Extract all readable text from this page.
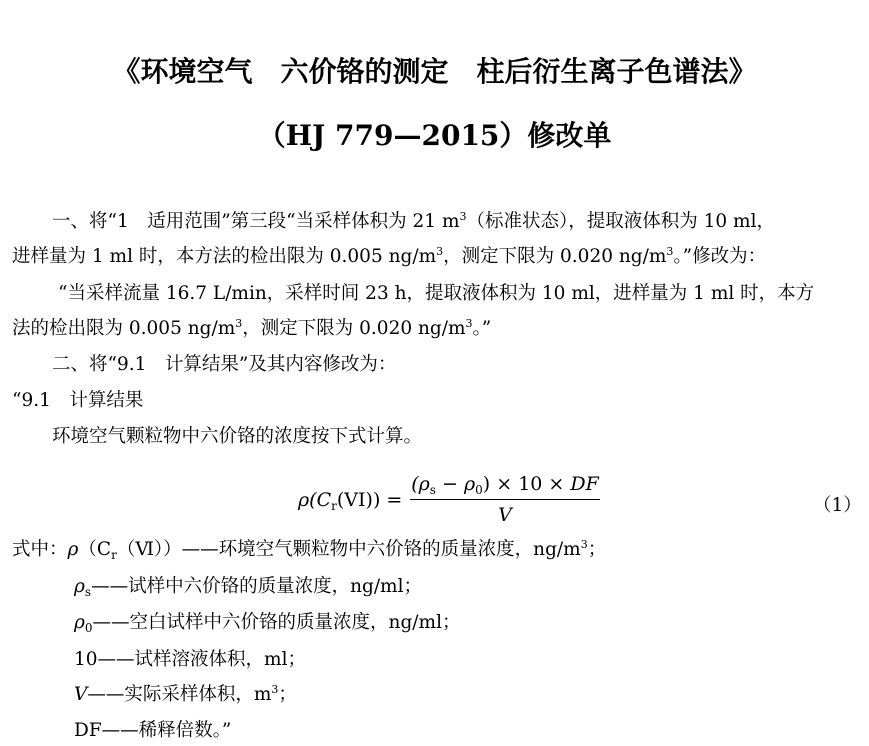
《环境空气　六价铬的测定　柱后衍生离子色谱法》
（HJ 779—2015）修改单
一、将“1　适用范围”第三段“当采样体积为 21 $m^3$（标准状态），提取液体积为 10 ml，
进样量为 1 ml 时，本方法的检出限为 0.005 $ng/m^3$，测定下限为 0.020 $ng/m^3$。”修改为：
“当采样流量 16.7 L/min，采样时间 23 h，提取液体积为 10 ml，进样量为 1 ml 时，本方
法的检出限为 0.005 $ng/m^3$，测定下限为 0.020 $ng/m^3$。”
二、将“9.1　计算结果”及其内容修改为：
“9.1　计算结果
环境空气颗粒物中六价铬的浓度按下式计算。
$\rho(C_r(VI))$ =
$(\rho_s - \rho_0) \times 10$ × DF
V	（1）
式中：$\rho(C_r(Ⅵ))——$环境空气颗粒物中六价铬的质量浓度，$ng/m^3$；
$\rho_s——$试样中六价铬的质量浓度，ng/ml；
$\rho_0——$空白试样中六价铬的质量浓度，ng/ml；
10——试样溶液体积，ml；
V——实际采样体积，$m^3$；
DF——稀释倍数。”
